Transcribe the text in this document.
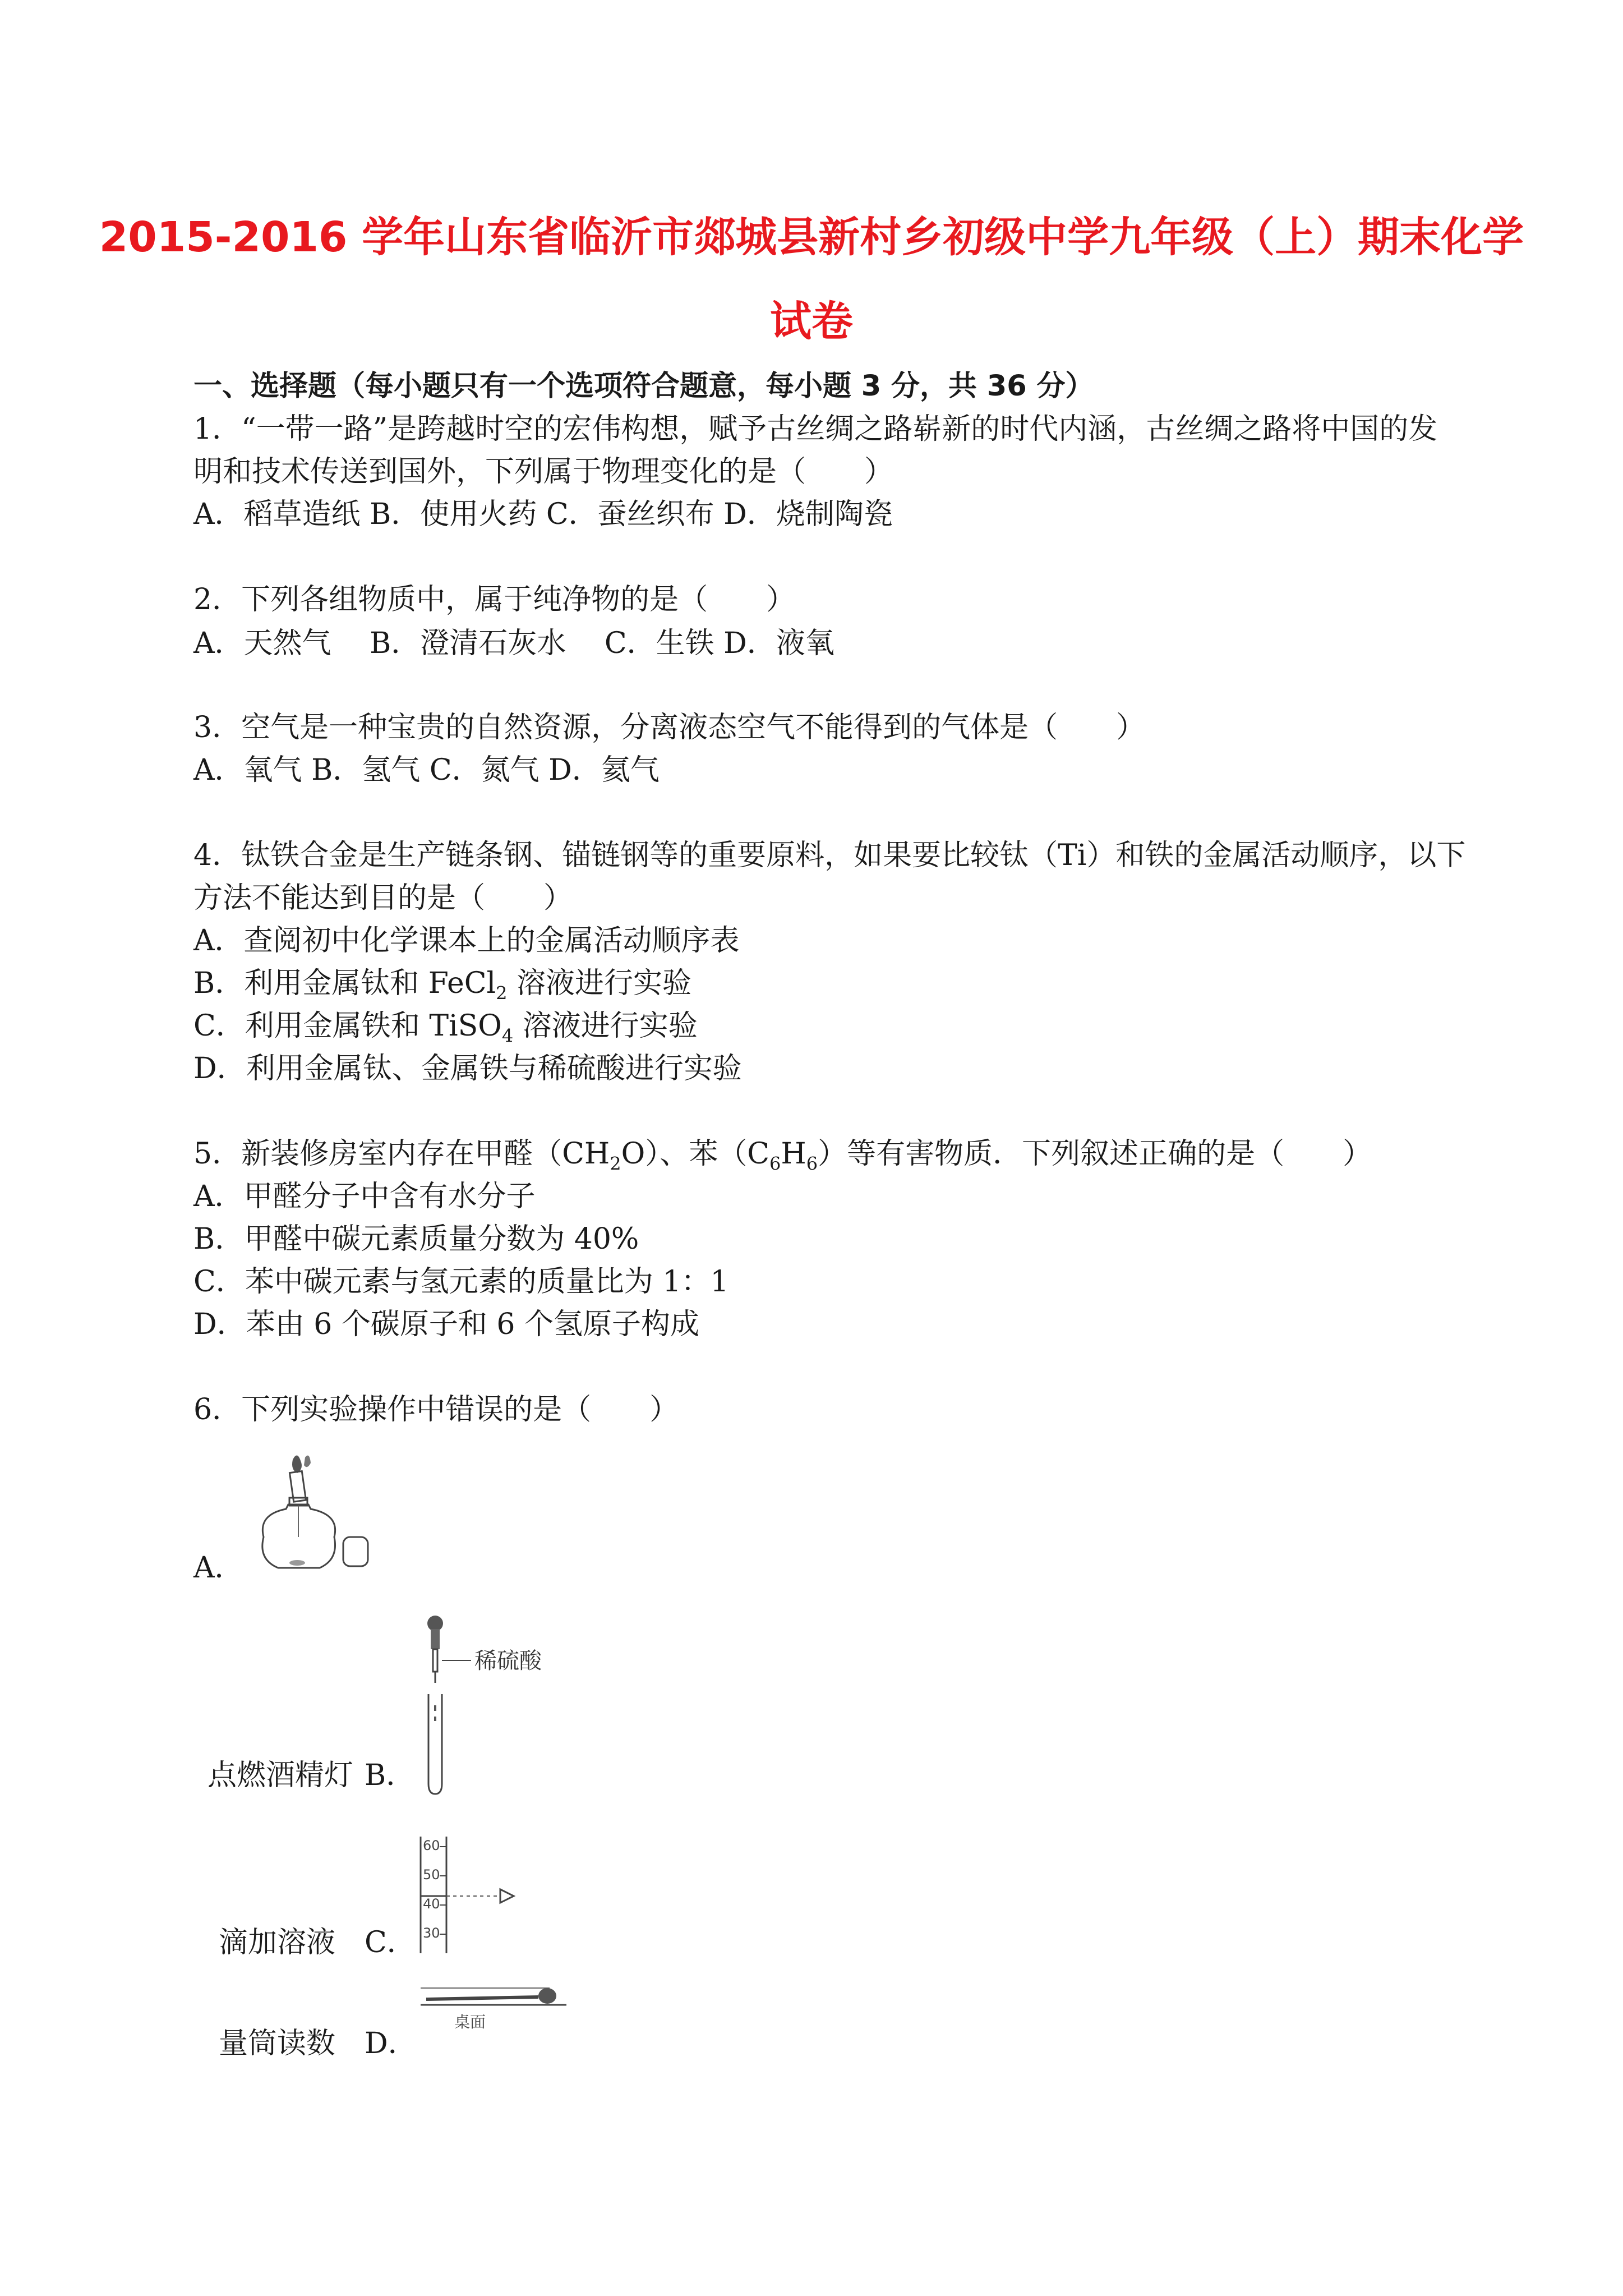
2015-2016 学年山东省临沂市郯城县新村乡初级中学九年级（上）期末化学
试卷
一、选择题（每小题只有一个选项符合题意，每小题 3 分，共 36 分）
1．“一带一路”是跨越时空的宏伟构想，赋予古丝绸之路崭新的时代内涵，古丝绸之路将中国的发
明和技术传送到国外，下列属于物理变化的是（　　）
A．稻草造纸 B．使用火药 C．蚕丝织布 D．烧制陶瓷
2．下列各组物质中，属于纯净物的是（　　）
A．天然气　 B．澄清石灰水　 C．生铁 D．液氧
3．空气是一种宝贵的自然资源，分离液态空气不能得到的气体是（　　）
A．氧气 B．氢气 C．氮气 D．氦气
4．钛铁合金是生产链条钢、锚链钢等的重要原料，如果要比较钛（Ti）和铁的金属活动顺序，以下
方法不能达到目的是（　　）
A．查阅初中化学课本上的金属活动顺序表
B．利用金属钛和 FeCl$_2$ 溶液进行实验
C．利用金属铁和 TiSO$_4$ 溶液进行实验
D．利用金属钛、金属铁与稀硫酸进行实验
5．新装修房室内存在甲醛$(CH_2O)$、苯$(C_6H_6)$等有害物质．下列叙述正确的是（　　）
A．甲醛分子中含有水分子
B．甲醛中碳元素质量分数为 40%
C．苯中碳元素与氢元素的质量比为 1：1
D．苯由 6 个碳原子和 6 个氢原子构成
6．下列实验操作中错误的是（　　）
A．
稀硫酸
点燃酒精灯 B．
60
50
40
30
滴加溶液 C．
桌面
量筒读数 D．
